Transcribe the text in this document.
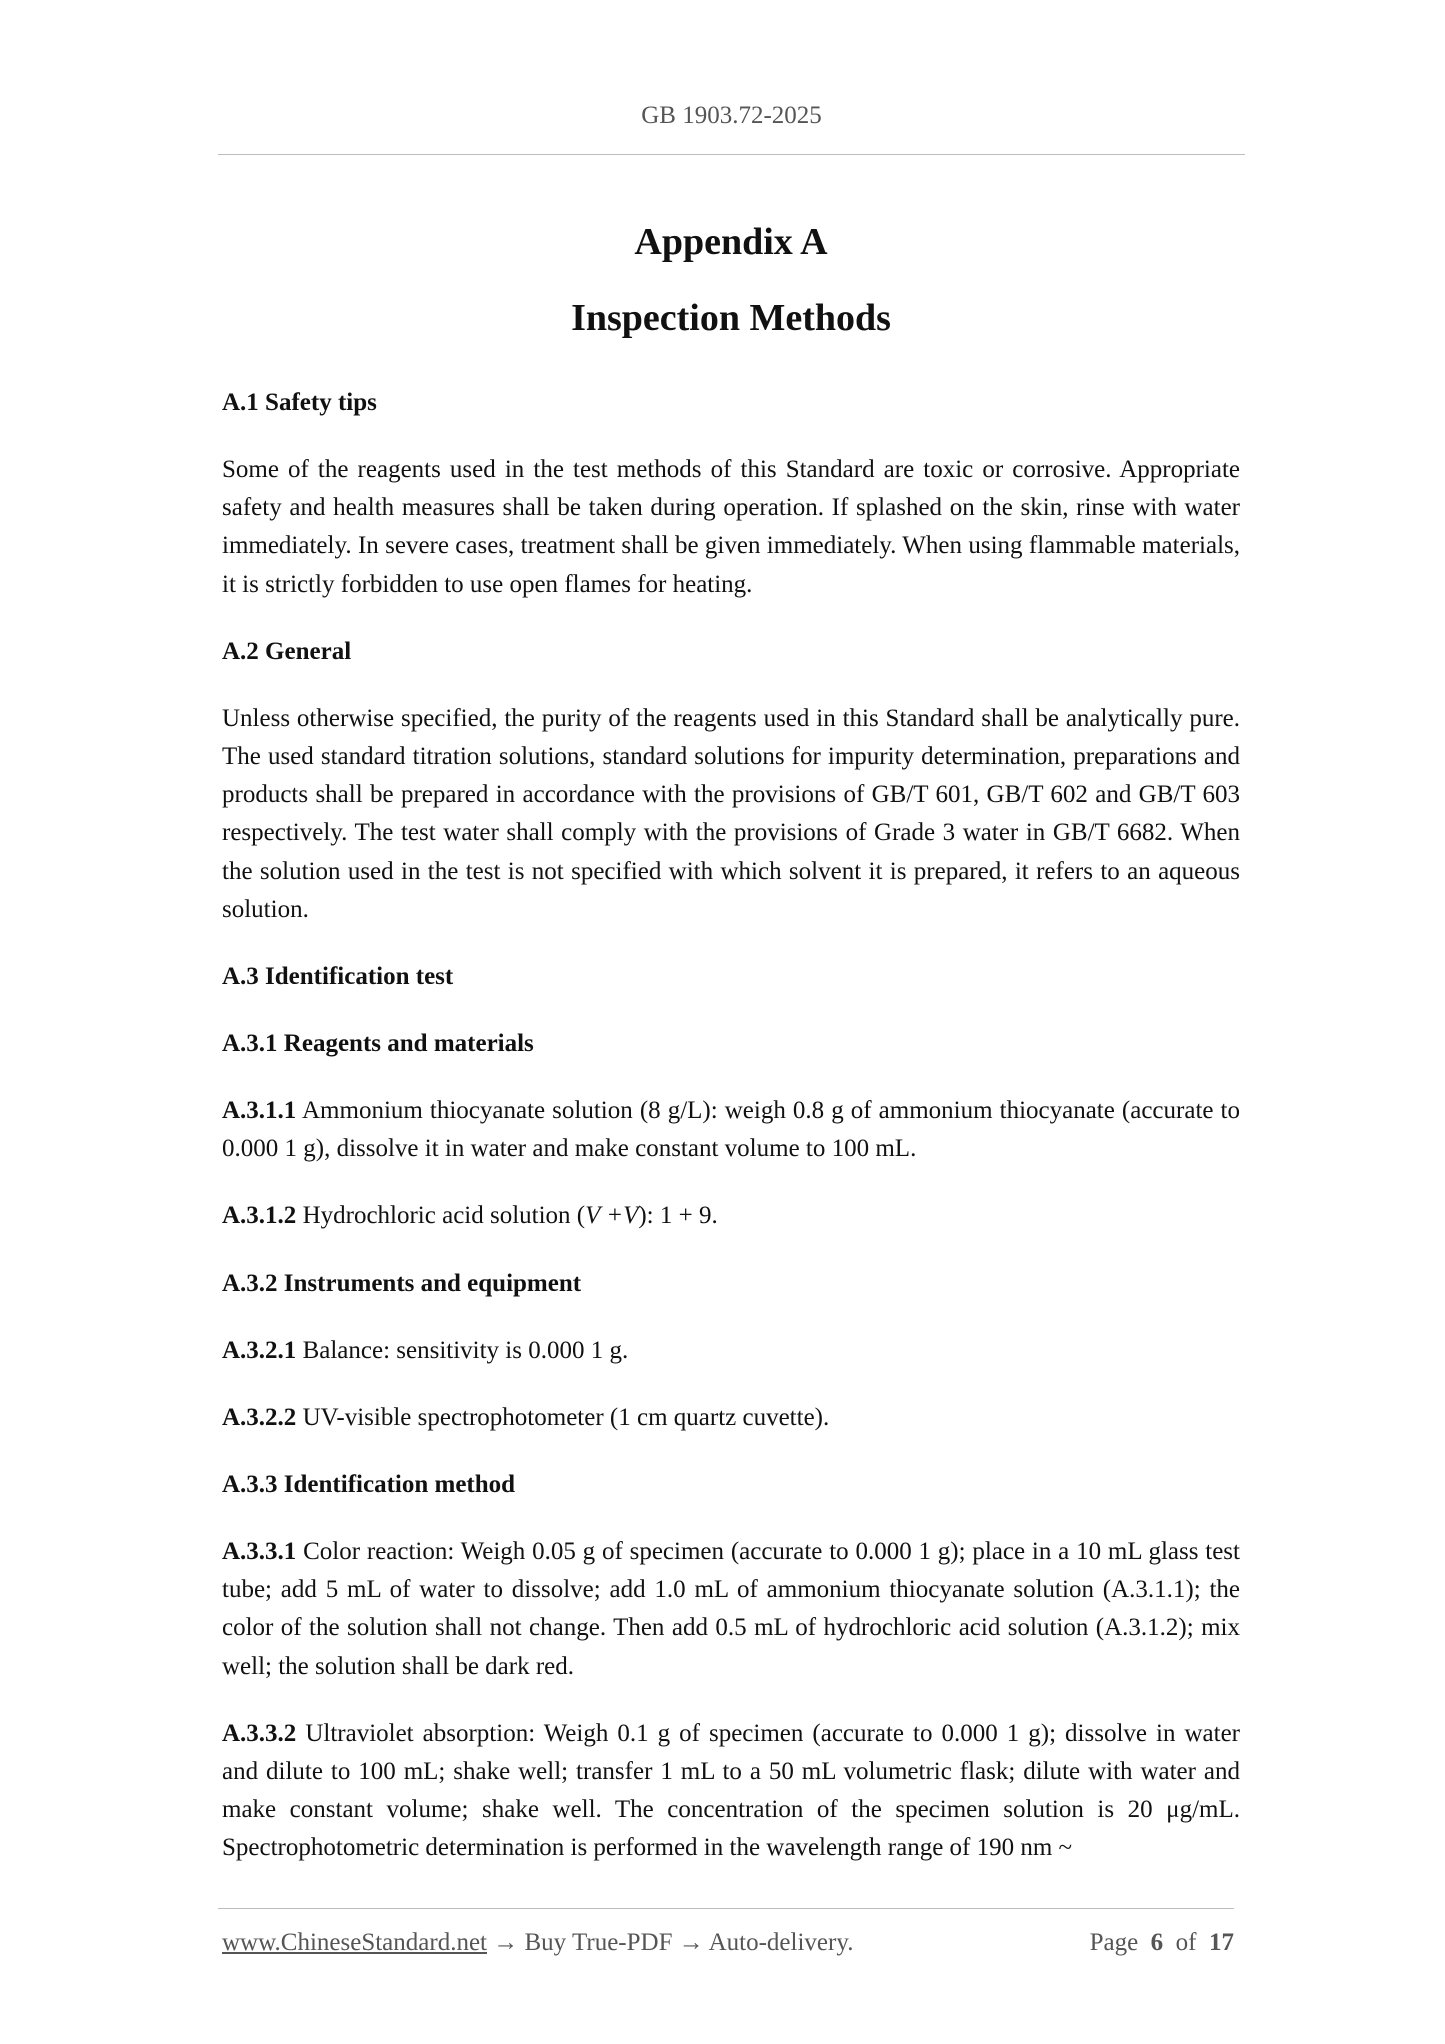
GB 1903.72-2025
Appendix A
Inspection Methods
A.1 Safety tips

Some of the reagents used in the test methods of this Standard are toxic or corrosive. Appropriate safety and health measures shall be taken during operation. If splashed on the skin, rinse with water immediately. In severe cases, treatment shall be given immediately. When using flammable materials, it is strictly forbidden to use open flames for heating.

A.2 General

Unless otherwise specified, the purity of the reagents used in this Standard shall be analytically pure. The used standard titration solutions, standard solutions for impurity determination, preparations and products shall be prepared in accordance with the provisions of GB/T 601, GB/T 602 and GB/T 603 respectively. The test water shall comply with the provisions of Grade 3 water in GB/T 6682. When the solution used in the test is not specified with which solvent it is prepared, it refers to an aqueous solution.

A.3 Identification test
A.3.1 Reagents and materials

A.3.1.1 Ammonium thiocyanate solution (8 g/L): weigh 0.8 g of ammonium thiocyanate (accurate to 0.000 1 g), dissolve it in water and make constant volume to 100 mL.

A.3.1.2 Hydrochloric acid solution (V +V): 1 + 9.

A.3.2 Instruments and equipment

A.3.2.1 Balance: sensitivity is 0.000 1 g.

A.3.2.2 UV-visible spectrophotometer (1 cm quartz cuvette).

A.3.3 Identification method

A.3.3.1 Color reaction: Weigh 0.05 g of specimen (accurate to 0.000 1 g); place in a 10 mL glass test tube; add 5 mL of water to dissolve; add 1.0 mL of ammonium thiocyanate solution (A.3.1.1); the color of the solution shall not change. Then add 0.5 mL of hydrochloric acid solution (A.3.1.2); mix well; the solution shall be dark red.

A.3.3.2 Ultraviolet absorption: Weigh 0.1 g of specimen (accurate to 0.000 1 g); dissolve in water and dilute to 100 mL; shake well; transfer 1 mL to a 50 mL volumetric flask; dilute with water and make constant volume; shake well. The concentration of the specimen solution is 20 μg/mL. Spectrophotometric determination is performed in the wavelength range of 190 nm ~

www.ChineseStandard.net → Buy True-PDF → Auto-delivery.	Page 6 of 17
